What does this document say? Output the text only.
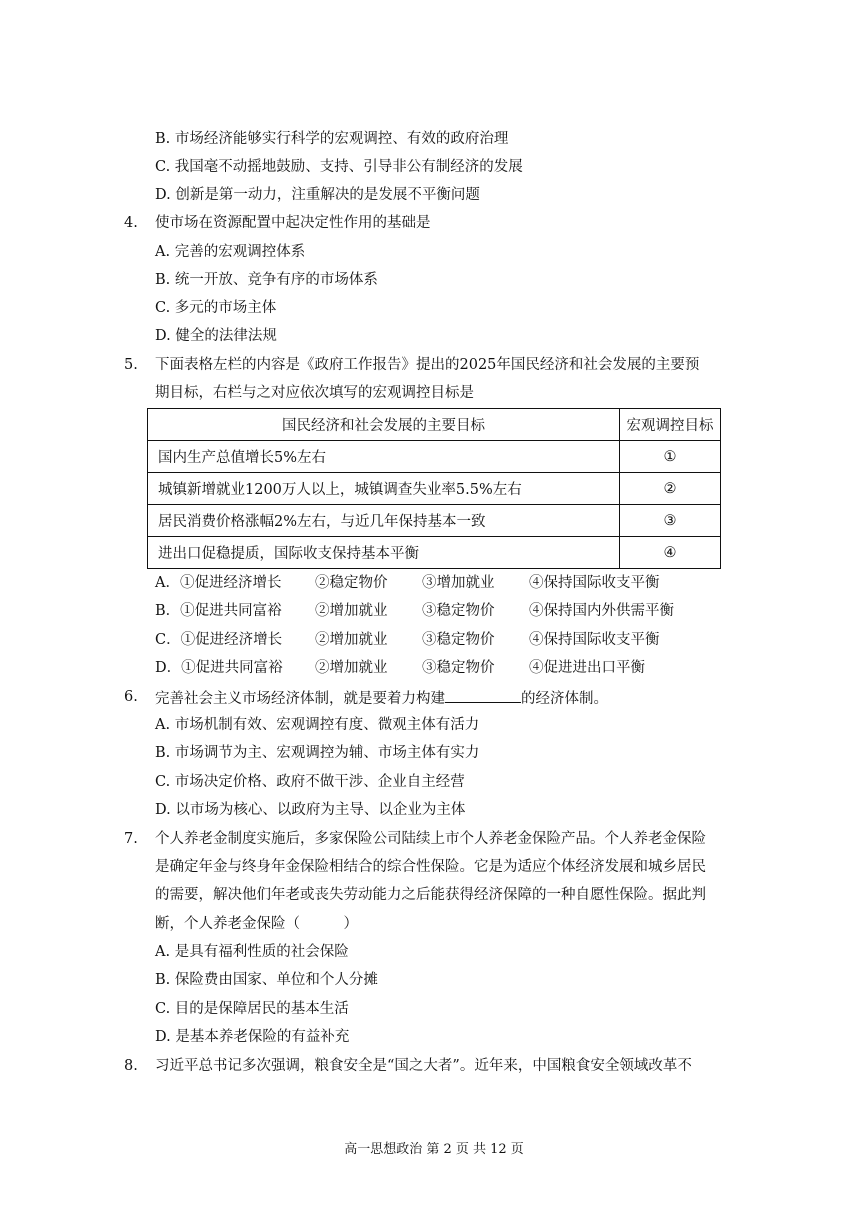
B. 市场经济能够实行科学的宏观调控、有效的政府治理
C. 我国毫不动摇地鼓励、支持、引导非公有制经济的发展
D. 创新是第一动力，注重解决的是发展不平衡问题
4. 使市场在资源配置中起决定性作用的基础是
A. 完善的宏观调控体系
B. 统一开放、竞争有序的市场体系
C. 多元的市场主体
D. 健全的法律法规
5. 下面表格左栏的内容是《政府工作报告》提出的2025年国民经济和社会发展的主要预
期目标，右栏与之对应依次填写的宏观调控目标是
国民经济和社会发展的主要目标	宏观调控目标
国内生产总值增长5%左右	①
城镇新增就业1200万人以上，城镇调查失业率5.5%左右	②
居民消费价格涨幅2%左右，与近几年保持基本一致	③
进出口促稳提质，国际收支保持基本平衡	④
A．①促进经济增长 ②稳定物价 ③增加就业 ④保持国际收支平衡
B．①促进共同富裕 ②增加就业 ③稳定物价 ④保持国内外供需平衡
C．①促进经济增长 ②增加就业 ③稳定物价 ④保持国际收支平衡
D．①促进共同富裕 ②增加就业 ③稳定物价 ④促进进出口平衡
6. 完善社会主义市场经济体制，就是要着力构建	的经济体制。
A. 市场机制有效、宏观调控有度、微观主体有活力
B. 市场调节为主、宏观调控为辅、市场主体有实力
C. 市场决定价格、政府不做干涉、企业自主经营
D. 以市场为核心、以政府为主导、以企业为主体
7. 个人养老金制度实施后，多家保险公司陆续上市个人养老金保险产品。个人养老金保险
是确定年金与终身年金保险相结合的综合性保险。它是为适应个体经济发展和城乡居民
的需要，解决他们年老或丧失劳动能力之后能获得经济保障的一种自愿性保险。据此判
断，个人养老金保险（　　　）
A. 是具有福利性质的社会保险
B. 保险费由国家、单位和个人分摊
C. 目的是保障居民的基本生活
D. 是基本养老保险的有益补充
8. 习近平总书记多次强调，粮食安全是“国之大者”。近年来，中国粮食安全领域改革不
高一思想政治 第 2 页 共 12 页
